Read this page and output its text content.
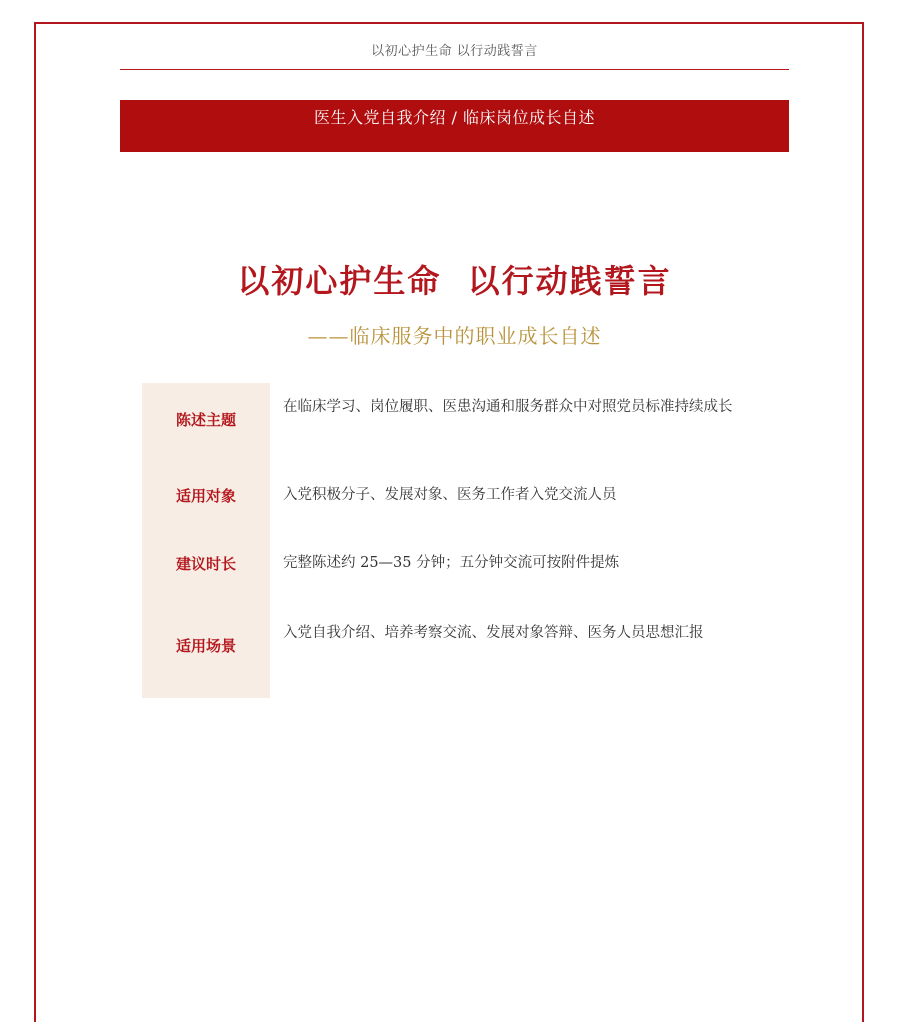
以初心护生命 以行动践誓言
医生入党自我介绍 / 临床岗位成长自述
以初心护生命  以行动践誓言
——临床服务中的职业成长自述
陈述主题
在临床学习、岗位履职、医患沟通和服务群众中对照党员标准持续成长
适用对象	入党积极分子、发展对象、医务工作者入党交流人员
建议时长	完整陈述约 25—35 分钟；五分钟交流可按附件提炼
适用场景
入党自我介绍、培养考察交流、发展对象答辩、医务人员思想汇报
